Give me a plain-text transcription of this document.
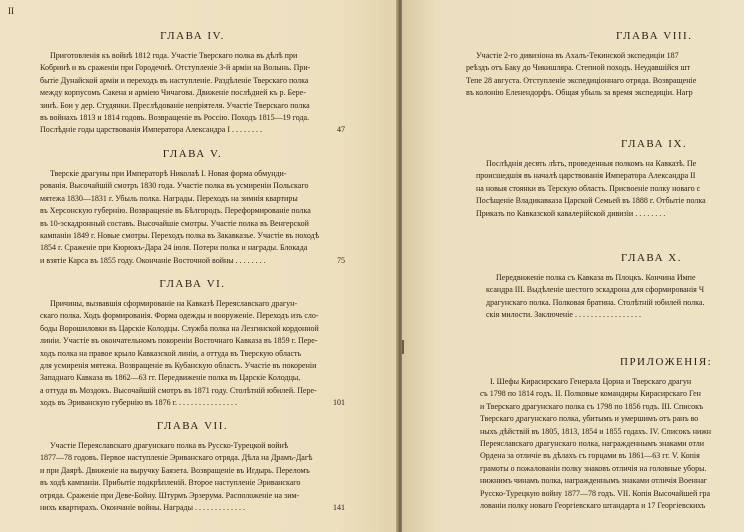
II
ГЛАВА IV.
Приготовленія къ войнѣ 1812 года. Участіе Тверскаго полка въ дѣлѣ при
Кобринѣ и въ сраженіи при Городечнѣ. Отступленіе 3-й арміи на Волынь. При-
бытіе Дунайской арміи и переходъ въ наступленіе. Раздѣленіе Тверскаго полка
между корпусомъ Сакена и арміею Чичагова. Движеніе послѣдней къ р. Бере-
зинѣ. Бои у дер. Студянки. Преслѣдованіе непріятеля. Участіе Тверскаго полка
въ войнахъ 1813 и 1814 годовъ. Возвращеніе въ Россію. Походъ 1815—19 года.
47
Послѣдніе годы царствованія Императора Александра I . . . . . . . .
ГЛАВА V.
Тверскіе драгуны при Императорѣ Николаѣ I. Новая форма обмунди-
рованія. Высочайшій смотръ 1830 года. Участіе полка въ усмиреніи Польскаго
мятежа 1830—1831 г. Убыль полка. Награды. Переходъ на зимнія квартиры
въ Херсонскую губернію. Возвращеніе въ Бѣлгородъ. Переформированіе полка
въ 10-эскадронный составъ. Высочайшіе смотры. Участіе полка въ Венгерской
кампаніи 1849 г. Новые смотры. Переходъ полка въ Закавказье. Участіе въ походѣ
1854 г. Сраженіе при Кюрюкъ-Дара 24 іюля. Потери полка и награды. Блокада
75
и взятіе Карса въ 1855 году. Окончаніе Восточной войны . . . . . . . .
ГЛАВА VI.
Причины, вызвавшія сформированіе на Кавказѣ Переяславскаго драгун-
скаго полка. Ходъ формированія. Форма одежды и вооруженіе. Переходъ изъ сло-
боды Ворошиловки въ Царскіе Колодцы. Служба полка на Лезгинской кордонной
линіи. Участіе въ окончательномъ покореніи Восточнаго Кавказа въ 1859 г. Пере-
ходъ полка на правое крыло Кавказской линіи, а оттуда въ Тверскую область
для усмиренія мятежа. Возвращеніе въ Кубанскую область. Участіе въ покореніи
Западнаго Кавказа въ 1862—63 гг. Передвиженіе полка въ Царскіе Колодцы,
а оттуда въ Моздокъ. Высочайшій смотръ въ 1871 году. Столѣтній юбилей. Пере-
101
ходъ въ Эриванскую губернію въ 1876 г. . . . . . . . . . . . . . . .
ГЛАВА VII.
Участіе Переяславскаго драгунскаго полка въ Русско-Турецкой войнѣ
1877—78 годовъ. Первое наступленіе Эриванскаго отряда. Дѣла на Драмъ-Дагѣ
и при Даярѣ. Движеніе на выручку Баязета. Возвращеніе въ Игдырь. Переломъ
въ ходѣ кампаніи. Прибытіе подкрѣпленій. Второе наступленіе Эриванскаго
отряда. Сраженіе при Деве-Бойну. Штурмъ Эрзерума. Расположеніе на зим-
141
нихъ квартирахъ. Окончаніе войны. Награды . . . . . . . . . . . . .
ГЛАВА VIII.
Участіе 2-го дивизіона въ Ахалъ-Текинской экспедиціи 187
реѣздъ отъ Баку до Чикишляра. Степной походъ. Неудавшійся шт
Тепе 28 августа. Отступленіе экспедиціоннаго отряда. Возвращеніе
въ колонію Еленендорфъ. Общая убыль за время экспедиціи. Нагр
ГЛАВА IX.
Послѣднія десять лѣтъ, проведенныя полкомъ на Кавказѣ. Пе
происшедшія въ началѣ царствованія Императора Александра II
на новыя стоянки въ Терскую область. Присвоеніе полку новаго с
Посѣщеніе Владикавказа Царской Семьей въ 1888 г. Отбытіе полка
Приказъ по Кавказской кавалерійской дивизіи . . . . . . . .
ГЛАВА X.
Передвиженіе полка съ Кавказа въ Плоцкъ. Кончина Импе
ксандра III. Выдѣленіе шестого эскадрона для сформированія Ч
драгунскаго полка. Полковая братина. Столѣтній юбилей полка.
скія милости. Заключеніе . . . . . . . . . . . . . . . . .
ПРИЛОЖЕНІЯ:
I. Шефы Кирасирскаго Генерала Цорна и Тверскаго драгун
съ 1798 по 1814 годъ. II. Полковые командиры Кирасирскаго Ген
и Тверскаго драгунскаго полка съ 1798 по 1856 годъ. III. Списокъ
Тверскаго драгунскаго полка, убитымъ и умершимъ отъ ранъ во
ныхъ дѣйствій въ 1805, 1813, 1854 и 1855 годахъ. IV. Списокъ нижн
Переяславскаго драгунскаго полка, награжденнымъ знаками отли
Ордена за отличіе въ дѣлахъ съ горцами въ 1861—63 гг. V. Копія
грамоты о пожалованіи полку знаковъ отличія на головные уборы.
нижнимъ чинамъ полка, награжденнымъ знаками отличія Военнаг
Русско-Турецкую войну 1877—78 годъ. VII. Копія Высочайшей гра
лованіи полку новаго Георгіевскаго штандарта и 17 Георгіевскихъ
